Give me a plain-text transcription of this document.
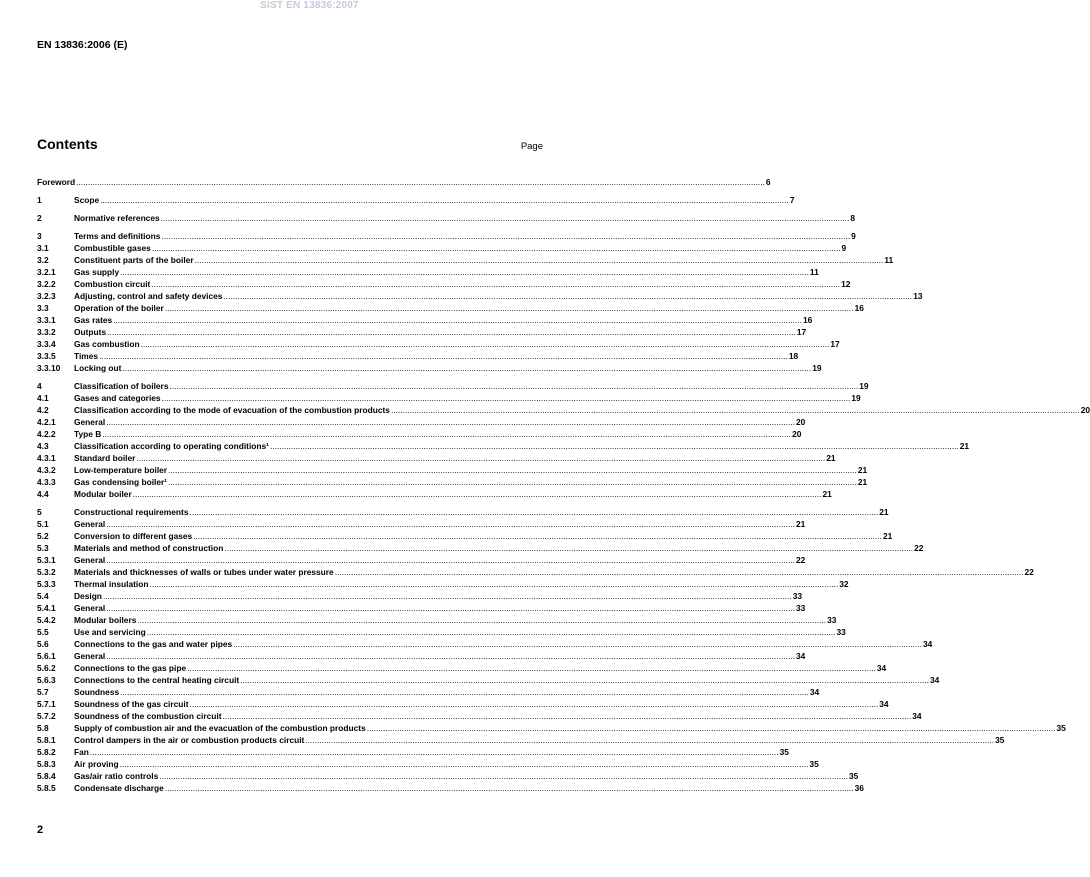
SIST EN 13836:2007
EN 13836:2006 (E)
Contents	Page
Foreword .....	6
1	Scope .....	7
2	Normative references .....	8
3	Terms and definitions .....	9
3.1	Combustible gases .....	9
3.2	Constituent parts of the boiler .....	11
3.2.1	Gas supply .....	11
3.2.2	Combustion circuit .....	12
3.2.3	Adjusting, control and safety devices .....	13
3.3	Operation of the boiler .....	16
3.3.1	Gas rates .....	16
3.3.2	Outputs .....	17
3.3.4	Gas combustion .....	17
3.3.5	Times .....	18
3.3.10	Locking out .....	19
4	Classification of boilers .....	19
4.1	Gases and categories .....	19
4.2	Classification according to the mode of evacuation of the combustion products .....	20
4.2.1	General .....	20
4.2.2	Type B .....	20
4.3	Classification according to operating conditions¹ .....	21
4.3.1	Standard boiler .....	21
4.3.2	Low-temperature boiler .....	21
4.3.3	Gas condensing boiler¹ .....	21
4.4	Modular boiler .....	21
5	Constructional requirements .....	21
5.1	General .....	21
5.2	Conversion to different gases .....	21
5.3	Materials and method of construction .....	22
5.3.1	General .....	22
5.3.2	Materials and thicknesses of walls or tubes under water pressure .....	22
5.3.3	Thermal insulation .....	32
5.4	Design .....	33
5.4.1	General .....	33
5.4.2	Modular boilers .....	33
5.5	Use and servicing .....	33
5.6	Connections to the gas and water pipes .....	34
5.6.1	General .....	34
5.6.2	Connections to the gas pipe .....	34
5.6.3	Connections to the central heating circuit .....	34
5.7	Soundness .....	34
5.7.1	Soundness of the gas circuit .....	34
5.7.2	Soundness of the combustion circuit .....	34
5.8	Supply of combustion air and the evacuation of the combustion products .....	35
5.8.1	Control dampers in the air or combustion products circuit .....	35
5.8.2	Fan .....	35
5.8.3	Air proving .....	35
5.8.4	Gas/air ratio controls .....	35
5.8.5	Condensate discharge .....	36
2
